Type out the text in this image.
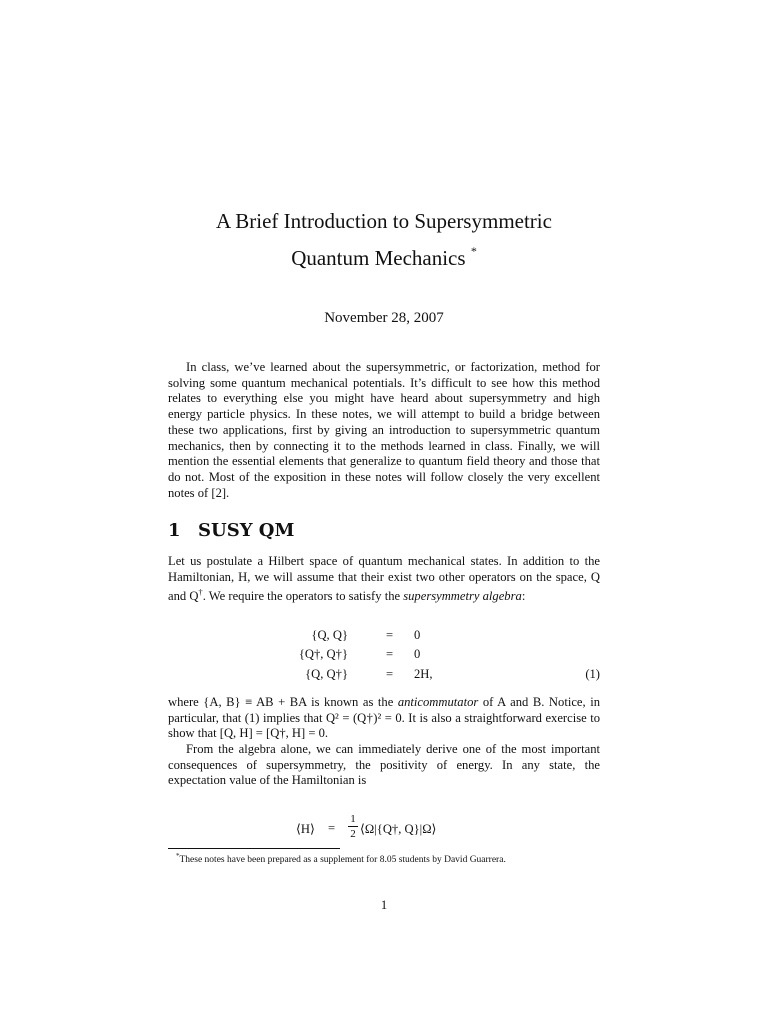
A Brief Introduction to Supersymmetric
Quantum Mechanics *
November 28, 2007
In class, we’ve learned about the supersymmetric, or factorization, method for solving some quantum mechanical potentials. It’s difficult to see how this method relates to everything else you might have heard about supersymmetry and high energy particle physics. In these notes, we will attempt to build a bridge between these two applications, first by giving an introduction to supersymmetric quantum mechanics, then by connecting it to the methods learned in class. Finally, we will mention the essential elements that generalize to quantum field theory and those that do not. Most of the exposition in these notes will follow closely the very excellent notes of [2].
1 SUSY QM
Let us postulate a Hilbert space of quantum mechanical states. In addition to the Hamiltonian, H, we will assume that their exist two other operators on the space, Q and Q†. We require the operators to satisfy the supersymmetry algebra:
{Q, Q}	= 0
{Q†, Q†}	= 0
{Q, Q†}	= 2H,	(1)
where {A, B} ≡ AB + BA is known as the anticommutator of A and B. Notice, in particular, that (1) implies that Q² = (Q†)² = 0. It is also a straightforward exercise to show that [Q, H] = [Q†, H] = 0.
From the algebra alone, we can immediately derive one of the most important consequences of supersymmetry, the positivity of energy. In any state, the expectation value of the Hamiltonian is
⟨H⟩ =
1
2 ⟨Ω|{Q†, Q}|Ω⟩
*These notes have been prepared as a supplement for 8.05 students by David Guarrera.
1
